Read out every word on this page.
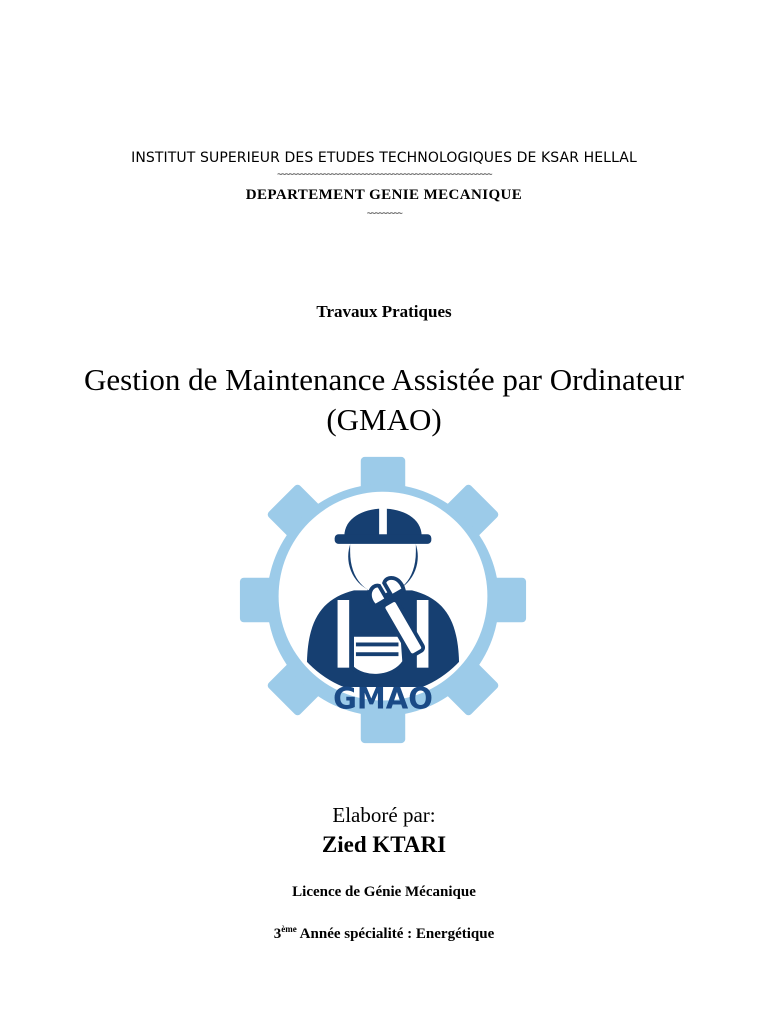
INSTITUT SUPERIEUR DES ETUDES TECHNOLOGIQUES DE KSAR HELLAL
~~~~~~~~~~~~~~~~~~~~~~~~~~~~~~~~~~~~~~~~~~~~~~~~~~~~~~~~
DEPARTEMENT GENIE MECANIQUE
~~~~~~~~~
Travaux Pratiques
Gestion de Maintenance Assistée par Ordinateur
(GMAO)
GMAO
Elaboré par:
Zied KTARI
Licence de Génie Mécanique
3ème Année spécialité : Energétique
